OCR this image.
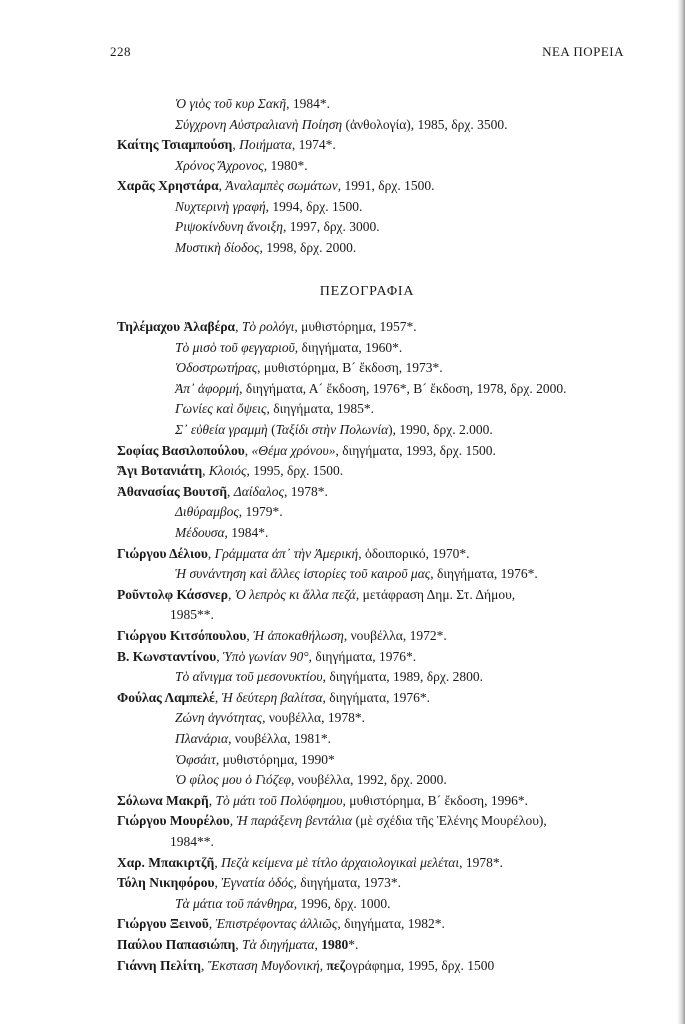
228	ΝΕΑ ΠΟΡΕΙΑ
Ὁ γιὸς τοῦ κυρ Σακῆ, 1984*.
Σύγχρονη Αὐστραλιανὴ Ποίηση (ἀνθολογία), 1985, δρχ. 3500.
Καίτης Τσιαμπούση, Ποιήματα, 1974*.
Χρόνος Ἄχρονος, 1980*.
Χαρᾶς Χρηστάρα, Ἀναλαμπὲς σωμάτων, 1991, δρχ. 1500.
Νυχτερινὴ γραφή, 1994, δρχ. 1500.
Ριψοκίνδυνη ἄνοιξη, 1997, δρχ. 3000.
Μυστικὴ δίοδος, 1998, δρχ. 2000.
ΠΕΖΟΓΡΑΦΙΑ
Τηλέμαχου Ἀλαβέρα, Τὸ ρολόγι, μυθιστόρημα, 1957*.
Τὸ μισὸ τοῦ φεγγαριοῦ, διηγήματα, 1960*.
Ὁδοστρωτήρας, μυθιστόρημα, Β´ ἔκδοση, 1973*.
Ἀπ᾽ ἀφορμή, διηγήματα, Α´ ἔκδοση, 1976*, Β´ ἔκδοση, 1978, δρχ. 2000.
Γωνίες καὶ ὄψεις, διηγήματα, 1985*.
Σ᾽ εὐθεία γραμμὴ (Ταξίδι στὴν Πολωνία), 1990, δρχ. 2.000.
Σοφίας Βασιλοπούλου, «Θέμα χρόνου», διηγήματα, 1993, δρχ. 1500.
Ἄγι Βοτανιάτη, Κλοιός, 1995, δρχ. 1500.
Ἀθανασίας Βουτσῆ, Δαίδαλος, 1978*.
Διθύραμβος, 1979*.
Μέδουσα, 1984*.
Γιώργου Δέλιου, Γράμματα ἀπ᾽ τὴν Ἀμερική, ὁδοιπορικό, 1970*.
Ἡ συνάντηση καὶ ἄλλες ἱστορίες τοῦ καιροῦ μας, διηγήματα, 1976*.
Ροῦντολφ Κάσσνερ, Ὁ λεπρὸς κι ἄλλα πεζά, μετάφραση Δημ. Στ. Δήμου,
1985**.
Γιώργου Κιτσόπουλου, Ἡ ἀποκαθήλωση, νουβέλλα, 1972*.
Β. Κωνσταντίνου, Ὑπὸ γωνίαν 90°, διηγήματα, 1976*.
Τὸ αἴνιγμα τοῦ μεσονυκτίου, διηγήματα, 1989, δρχ. 2800.
Φούλας Λαμπελέ, Ἡ δεύτερη βαλίτσα, διηγήματα, 1976*.
Ζώνη ἁγνότητας, νουβέλλα, 1978*.
Πλανάρια, νουβέλλα, 1981*.
Ὀφσάιτ, μυθιστόρημα, 1990*
Ὁ φίλος μου ὁ Γιόζεφ, νουβέλλα, 1992, δρχ. 2000.
Σόλωνα Μακρῆ, Τὸ μάτι τοῦ Πολύφημου, μυθιστόρημα, Β´ ἔκδοση, 1996*.
Γιώργου Μουρέλου, Ἡ παράξενη βεντάλια (μὲ σχέδια τῆς Ἑλένης Μουρέλου),
1984**.
Χαρ. Μπακιρτζῆ, Πεζὰ κείμενα μὲ τίτλο ἀρχαιολογικαὶ μελέται, 1978*.
Τόλη Νικηφόρου, Ἐγνατία ὁδός, διηγήματα, 1973*.
Τὰ μάτια τοῦ πάνθηρα, 1996, δρχ. 1000.
Γιώργου Ξεινοῦ, Ἐπιστρέφοντας ἀλλιῶς, διηγήματα, 1982*.
Παύλου Παπασιώπη, Τὰ διηγήματα, 1980*.
Γιάννη Πελίτη, Ἔκσταση Μυγδονική, πεζογράφημα, 1995, δρχ. 1500
